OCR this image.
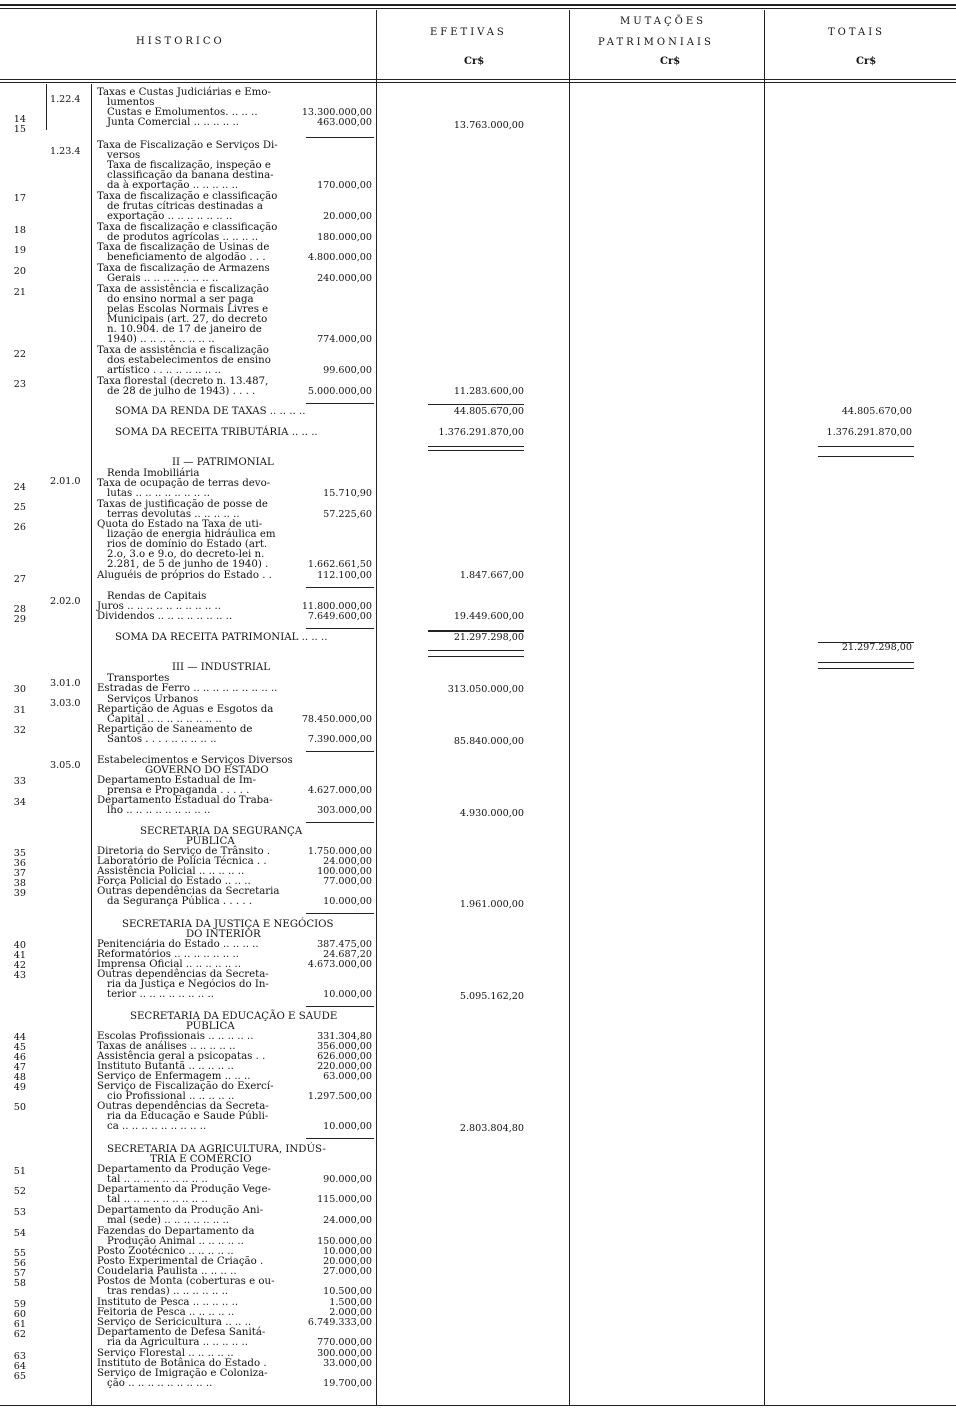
HISTORICO
EFETIVAS
Cr$
MUTAÇÕES
PATRIMONIAIS
Cr$
TOTAIS
Cr$
1.22.4
1.23.4
2.01.0
2.02.0
3.01.0
3.03.0
3.05.0
14
15
17
18
19
20
21
22
23
24
25
26
27
28
29
30
31
32
33
34
35
36
37
38
39
40
41
42
43
44
45
46
47
48
49
50
51
52
53
54
55
56
57
58
59
60
61
62
63
64
65
Taxas e Custas Judiciárias e Emo-
lumentos
Custas e Emolumentos. .. .. ..
Junta Comercial .. .. .. .. ..
Taxa de Fiscalização e Serviços Di-
versos
Taxa de fiscalização, inspeção e
classificação da banana destina-
da à exportação .. .. .. .. ..
Taxa de fiscalização e classificação
de frutas cítricas destinadas a
exportação .. .. .. .. .. .. ..
Taxa de fiscalização e classificação
de produtos agrícolas .. .. .. ..
Taxa de fiscalização de Usinas de
beneficiamento de algodão . . .
Taxa de fiscalização de Armazens
Gerais .. .. .. .. .. .. .. ..
Taxa de assistência e fiscalização
do ensino normal a ser paga
pelas Escolas Normais Livres e
Municipais (art. 27, do decreto
n. 10.904. de 17 de janeiro de
1940) .. .. .. .. .. .. .. ..
Taxa de assistência e fiscalização
dos estabelecimentos de ensino
artístico . . .. .. .. .. .. ..
Taxa florestal (decreto n. 13.487,
de 28 de julho de 1943) . . . .
SOMA DA RENDA DE TAXAS .. .. .. ..
SOMA DA RECEITA TRIBUTÁRIA .. .. ..
II — PATRIMONIAL
Renda Imobiliária
Taxa de ocupação de terras devo-
lutas .. .. .. .. .. .. .. ..
Taxas de justificação de posse de
terras devolutas .. .. .. .. ..
Quota do Estado na Taxa de uti-
lização de energia hidráulica em
rios de domínio do Estado (art.
2.o, 3.o e 9.o, do decreto-lei n.
2.281, de 5 de junho de 1940) .
Aluguéis de próprios do Estado . .
Rendas de Capitais
Juros .. .. .. .. .. .. .. .. .. ..
Dividendos .. .. .. .. .. .. .. ..
SOMA DA RECEITA PATRIMONIAL .. .. ..
III — INDUSTRIAL
Transportes
Estradas de Ferro .. .. .. .. .. .. .. .. ..
Serviços Urbanos
Repartição de Aguas e Esgotos da
Capital .. .. .. .. .. .. .. ..
Repartição de Saneamento de
Santos . . . . .. .. .. .. ..
Estabelecimentos e Serviços Diversos
GOVERNO DO ESTADO
Departamento Estadual de Im-
prensa e Propaganda . . . . .
Departamento Estadual do Traba-
lho .. .. .. .. .. .. .. .. ..
SECRETARIA DA SEGURANÇA
PÚBLICA
Diretoria do Serviço de Trânsito .
Laboratório de Polícia Técnica . .
Assistência Policial .. .. .. .. ..
Força Policial do Estado .. .. ..
Outras dependências da Secretaria
da Segurança Pública . . . . .
SECRETARIA DA JUSTIÇA E NEGÓCIOS
DO INTERIOR
Penitenciária do Estado .. .. .. ..
Reformatórios .. .. .. .. .. .. ..
Imprensa Oficial .. .. .. .. .. ..
Outras dependências da Secreta-
ria da Justiça e Negócios do In-
terior .. .. .. .. .. .. .. ..
SECRETARIA DA EDUCAÇÃO E SAUDE
PÚBLICA
Escolas Profissionais .. .. .. .. ..
Taxas de análises .. .. .. .. ..
Assistência geral a psicopatas . .
Instituto Butantã .. .. .. .. ..
Serviço de Enfermagem .. .. ..
Serviço de Fiscalização do Exercí-
cio Profissional .. .. .. .. ..
Outras dependências da Secreta-
ria da Educação e Saude Públi-
ca .. .. .. .. .. .. .. .. ..
SECRETARIA DA AGRICULTURA, INDÚS-
TRIA E COMÉRCIO
Departamento da Produção Vege-
tal .. .. .. .. .. .. .. .. ..
Departamento da Produção Vege-
tal .. .. .. .. .. .. .. .. ..
Departamento da Produção Ani-
mal (sede) .. .. .. .. .. .. ..
Fazendas do Departamento da
Produção Animal .. .. .. .. ..
Posto Zootécnico .. .. .. .. ..
Posto Experimental de Criação .
Coudelaria Paulista .. .. .. ..
Postos de Monta (coberturas e ou-
tras rendas) .. .. .. .. .. ..
Instituto de Pesca .. .. .. .. ..
Feitoria de Pesca .. .. .. .. ..
Serviço de Sericicultura .. .. ..
Departamento de Defesa Sanitá-
ria da Agricultura .. .. .. .. ..
Serviço Florestal .. .. .. .. ..
Instituto de Botânica do Estado .
Serviço de Imigração e Coloniza-
ção .. .. .. .. .. .. .. .. ..
13.300.000,00
463.000,00
170.000,00
20.000,00
180.000,00
4.800.000,00
240.000,00
774.000,00
99.600,00
5.000.000,00
15.710,90
57.225,60
1.662.661,50
112.100,00
11.800.000,00
7.649.600,00
78.450.000,00
7.390.000,00
4.627.000,00
303.000,00
1.750.000,00
24.000,00
100.000,00
77.000,00
10.000,00
387.475,00
24.687,20
4.673.000,00
10.000,00
331.304,80
356.000,00
626.000,00
220.000,00
63.000,00
1.297.500,00
10.000,00
90.000,00
115.000,00
24.000,00
150.000,00
10.000,00
20.000,00
27.000,00
10.500,00
1.500,00
2.000,00
6.749.333,00
770.000,00
300.000,00
33.000,00
19.700,00
13.763.000,00
11.283.600,00
44.805.670,00
1.376.291.870,00
1.847.667,00
19.449.600,00
21.297.298,00
313.050.000,00
85.840.000,00
4.930.000,00
1.961.000,00
5.095.162,20
2.803.804,80
44.805.670,00
1.376.291.870,00
21.297.298,00
